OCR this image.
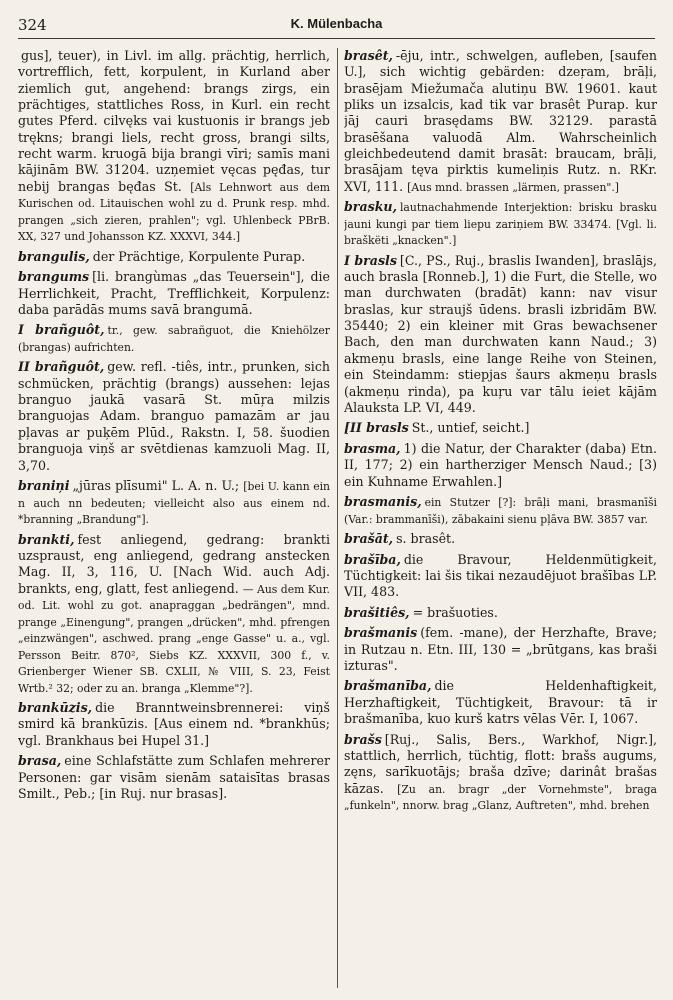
324	K. Mülenbacha

gus], teuer), in Livl. im allg. prächtig, herrlich, vortrefflich, fett, korpulent, in Kurland aber ziemlich gut, angehend: brangs zirgs, ein prächtiges, stattliches Ross, in Kurl. ein recht gutes Pferd. cilvęks vai kustuonis ir brangs jeb trękns; brangi liels, recht gross, brangi silts, recht warm. kruogā bija brangi vīri; samīs mani kājinām BW. 31204. uzņemiet vęcas pęđas, tur nebij brangas bęđas St. [Als Lehnwort aus dem Kurischen od. Litauischen wohl zu d. Prunk resp. mhd. prangen „sich zieren, prahlen"; vgl. Uhlenbeck PBrB. XX, 327 und Johansson KZ. XXXVI, 344.]

brangulis, der Prächtige, Korpulente Purap.

brangums [li. brangùmas „das Teuersein"], die Herrlichkeit, Pracht, Trefflichkeit, Korpulenz: daba parādās mums savā brangumā.

I brañguôt, tr., gew. sabrañguot, die Kniehölzer (brangas) aufrichten.

II brañguôt, gew. refl. -tiês, intr., prunken, sich schmücken, prächtig (brangs) aussehen: lejas branguo jaukā vasarā St. mūŗa milzis branguojas Adam. branguo pamazām ar jau pļavas ar puķēm Plūd., Rakstn. I, 58. šuodien branguoja viņš ar svētdienas kamzuoli Mag. II, 3,70.

braniņi „jūras plīsumi" L. A. n. U.; [bei U. kann ein n auch nn bedeuten; vielleicht also aus einem nd. *branning „Brandung"].

brankti, fest anliegend, gedrang: brankti uzspraust, eng anliegend, gedrang anstecken Mag. II, 3, 116, U. [Nach Wid. auch Adj. brankts, eng, glatt, fest anliegend. — Aus dem Kur. od. Lit. wohl zu got. anapraggan „bedrängen", mnd. prange „Einengung", prangen „drücken", mhd. pfrengen „einzwängen", aschwed. prang „enge Gasse" u. a., vgl. Persson Beitr. 870², Siebs KZ. XXXVII, 300 f., v. Grienberger Wiener SB. CXLII, № VIII, S. 23, Feist Wrtb.² 32; oder zu an. branga „Klemme"?].

brankūzis, die Branntweinsbrennerei: viņš smird kā brankūzis. [Aus einem nd. *brankhūs; vgl. Brankhaus bei Hupel 31.]

brasa, eine Schlafstätte zum Schlafen mehrerer Personen: gar visām sienām sataisītas brasas Smilt., Peb.; [in Ruj. nur brasas].

brasêt, -ēju, intr., schwelgen, aufleben, [saufen U.], sich wichtig gebärden: dzeŗam, brāļi, brasējam Miežumača alutiņu BW. 19601. kaut pliks un izsalcis, kad tik var brasêt Purap. kur jāj cauri brasędams BW. 32129. parastā brasēšana valuodā Alm. Wahrscheinlich gleichbedeutend damit brasāt: braucam, brāļi, brasājam tęva pirktis kumeliņis Rutz. n. RKr. XVI, 111. [Aus mnd. brassen „lärmen, prassen".]

brasku, lautnachahmende Interjektion: brisku brasku jauni kungi par tiem liepu zariņiem BW. 33474. [Vgl. li. braškëti „knacken".]

I brasls [C., PS., Ruj., braslis Iwanden], braslājs, auch brasla [Ronneb.], 1) die Furt, die Stelle, wo man durchwaten (bradāt) kann: nav visur braslas, kur straujš ūdens. brasli izbridām BW. 35440; 2) ein kleiner mit Gras bewachsener Bach, den man durchwaten kann Naud.; 3) akmeņu brasls, eine lange Reihe von Steinen, ein Steindamm: stiepjas šaurs akmeņu brasls (akmeņu rinda), pa kuŗu var tālu ieiet kājām Alauksta LP. VI, 449.

[II brasls St., untief, seicht.]

brasma, 1) die Natur, der Charakter (daba) Etn. II, 177; 2) ein hartherziger Mensch Naud.; [3) ein Kuhname Erwahlen.]

brasmanis, ein Stutzer [?]: brāļi mani, brasmanīši (Var.: brammanīši), zābakaini sienu pļāva BW. 3857 var.

brašāt, s. brasêt.

brašība, die Bravour, Heldenmütigkeit, Tüchtigkeit: lai šis tikai nezaudējuot brašības LP. VII, 483.

brašitiês, = brašuoties.

brašmanis (fem. -mane), der Herzhafte, Brave; in Rutzau n. Etn. III, 130 = „brūtgans, kas braši izturas".

brašmanība, die Heldenhaftigkeit, Herzhaftigkeit, Tüchtigkeit, Bravour: tā ir brašmanība, kuo kurš katrs vēlas Vēr. I, 1067.

brašs [Ruj., Salis, Bers., Warkhof, Nigr.], stattlich, herrlich, tüchtig, flott: brašs augums, zęns, sarīkuotājs; braša dzīve; darinât brašas kāzas. [Zu an. bragr „der Vornehmste", braga „funkeln", nnorw. brag „Glanz, Auftreten", mhd. brehen
